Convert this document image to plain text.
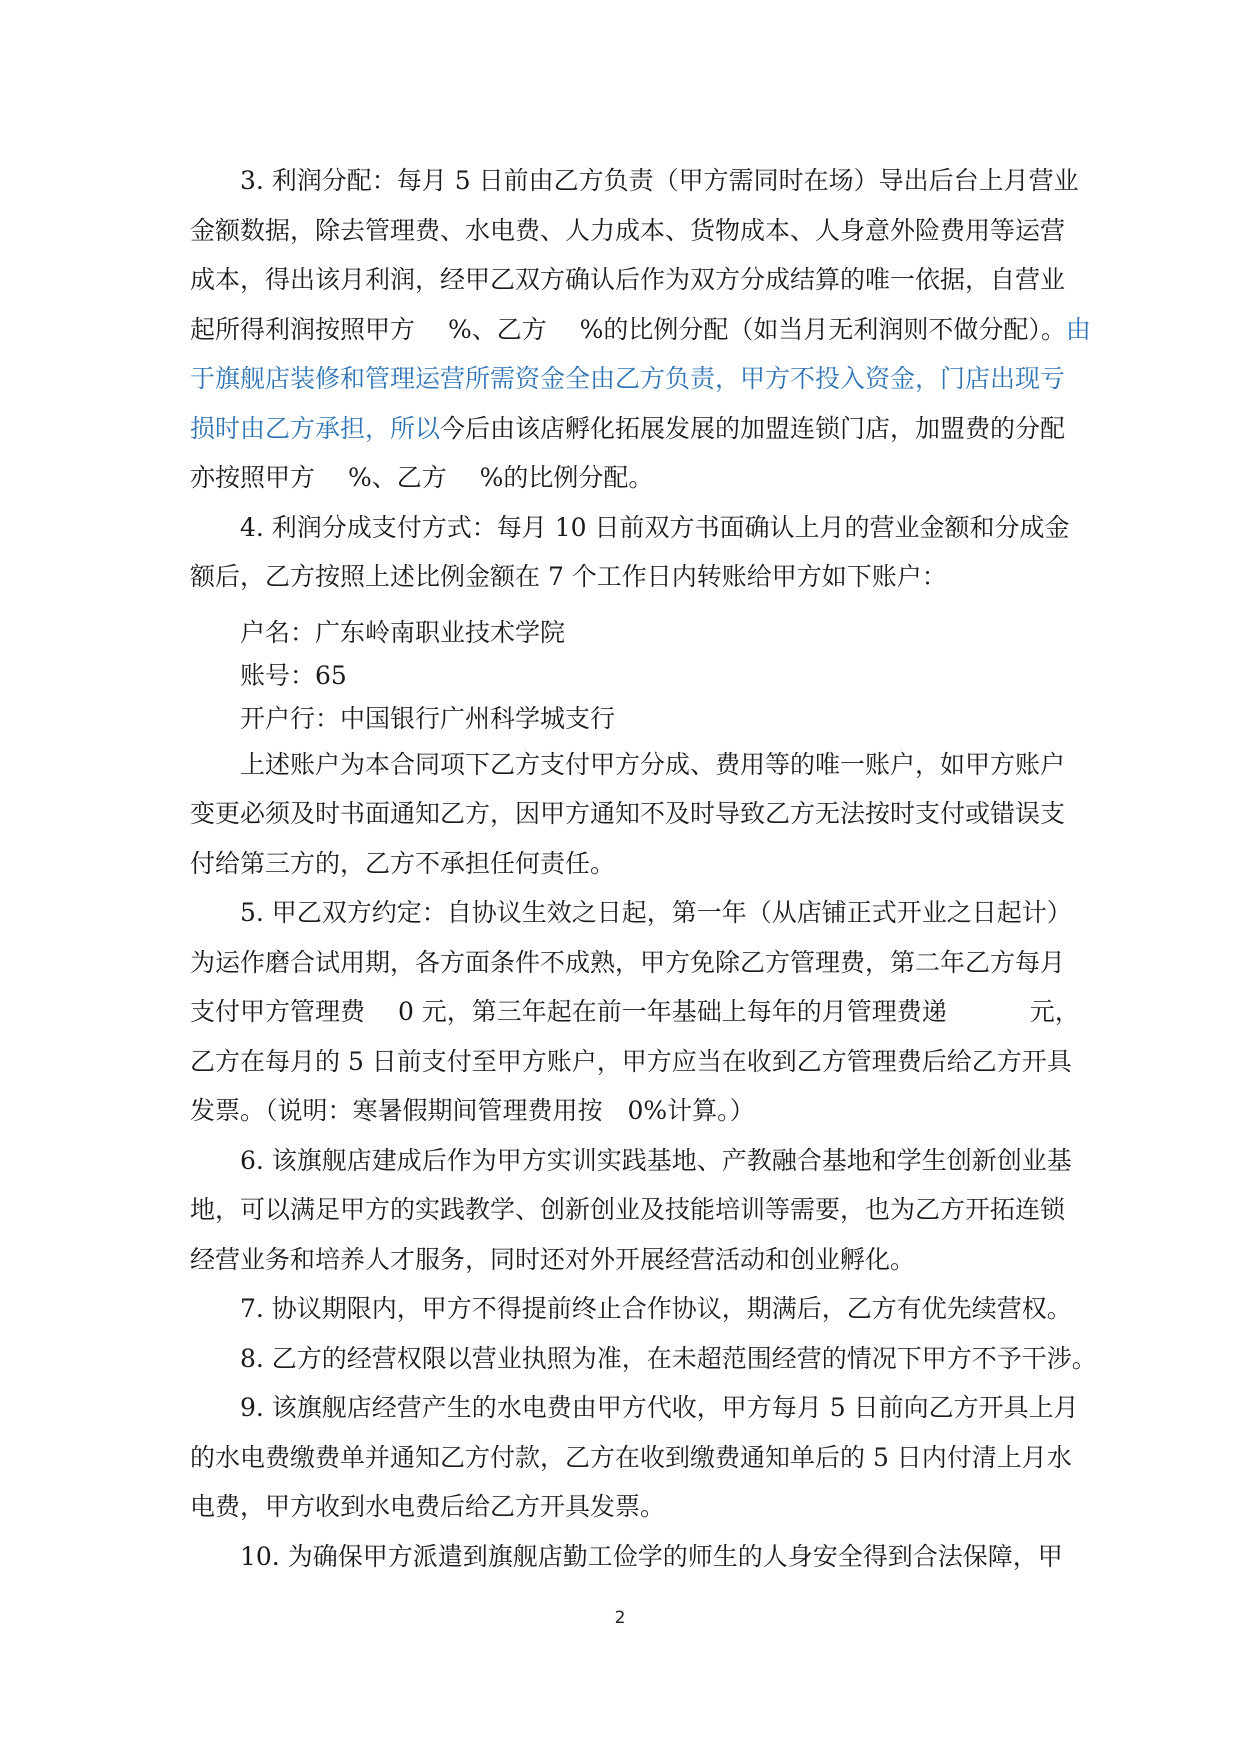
3. 利润分配：每月 5 日前由乙方负责（甲方需同时在场）导出后台上月营业
金额数据，除去管理费、水电费、人力成本、货物成本、人身意外险费用等运营
成本，得出该月利润，经甲乙双方确认后作为双方分成结算的唯一依据，自营业
起所得利润按照甲方　 %、乙方　 %的比例分配（如当月无利润则不做分配）。由
于旗舰店装修和管理运营所需资金全由乙方负责，甲方不投入资金，门店出现亏
损时由乙方承担，所以今后由该店孵化拓展发展的加盟连锁门店，加盟费的分配
亦按照甲方　 %、乙方　 %的比例分配。
4. 利润分成支付方式：每月 10 日前双方书面确认上月的营业金额和分成金
额后，乙方按照上述比例金额在 7 个工作日内转账给甲方如下账户：
户名：广东岭南职业技术学院
账号：65
开户行：中国银行广州科学城支行
上述账户为本合同项下乙方支付甲方分成、费用等的唯一账户，如甲方账户
变更必须及时书面通知乙方，因甲方通知不及时导致乙方无法按时支付或错误支
付给第三方的，乙方不承担任何责任。
5. 甲乙双方约定：自协议生效之日起，第一年（从店铺正式开业之日起计）
为运作磨合试用期，各方面条件不成熟，甲方免除乙方管理费，第二年乙方每月
支付甲方管理费　 0 元，第三年起在前一年基础上每年的月管理费递　　　 元，
乙方在每月的 5 日前支付至甲方账户，甲方应当在收到乙方管理费后给乙方开具
发票。（说明：寒暑假期间管理费用按　0%计算。）
6. 该旗舰店建成后作为甲方实训实践基地、产教融合基地和学生创新创业基
地，可以满足甲方的实践教学、创新创业及技能培训等需要，也为乙方开拓连锁
经营业务和培养人才服务，同时还对外开展经营活动和创业孵化。
7. 协议期限内，甲方不得提前终止合作协议，期满后，乙方有优先续营权。
8. 乙方的经营权限以营业执照为准，在未超范围经营的情况下甲方不予干涉。
9. 该旗舰店经营产生的水电费由甲方代收，甲方每月 5 日前向乙方开具上月
的水电费缴费单并通知乙方付款，乙方在收到缴费通知单后的 5 日内付清上月水
电费，甲方收到水电费后给乙方开具发票。
10. 为确保甲方派遣到旗舰店勤工俭学的师生的人身安全得到合法保障，甲
2
